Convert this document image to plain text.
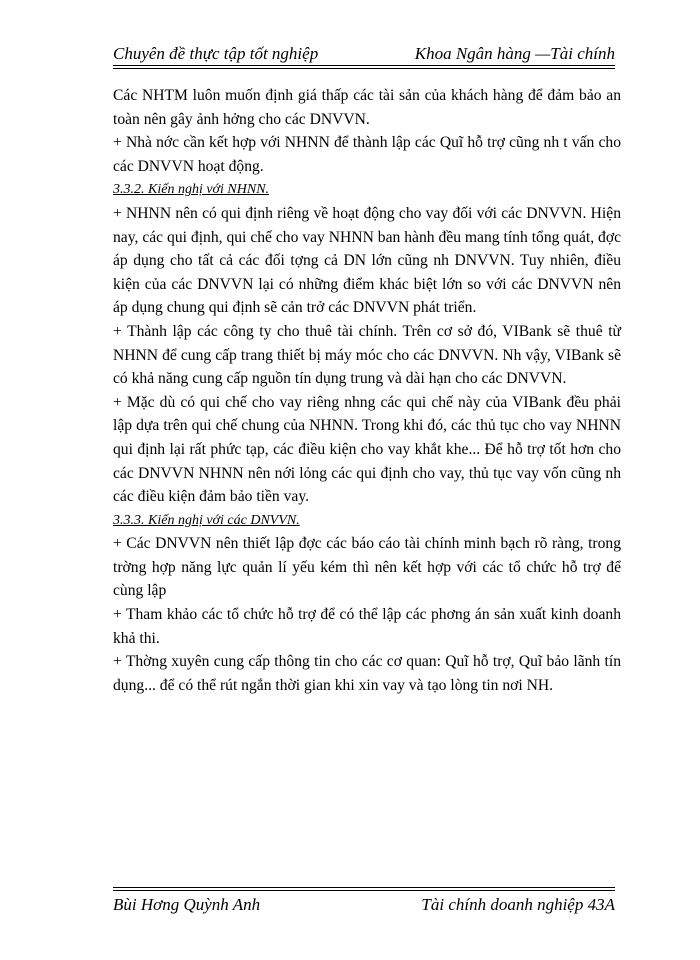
Chuyên đề thực tập tốt nghiệp	Khoa Ngân hàng —Tài chính

Các NHTM luôn muốn định giá thấp các tài sản của khách hàng để đảm bảo an toàn nên gây ảnh hởng cho các DNVVN.

+ Nhà nớc cần kết hợp với NHNN để thành lập các Quĩ hỗ trợ cũng nh t vấn cho các DNVVN hoạt động.

3.3.2. Kiến nghị với NHNN.

+ NHNN nên có qui định riêng về hoạt động cho vay đối với các DNVVN. Hiện nay, các qui định, qui chế cho vay NHNN ban hành đều mang tính tổng quát, đợc áp dụng cho tất cả các đối tợng cả DN lớn cũng nh DNVVN. Tuy nhiên, điều kiện của các DNVVN lại có những điểm khác biệt lớn so với các DNVVN nên áp dụng chung qui định sẽ cản trở các DNVVN phát triển.

+ Thành lập các công ty cho thuê tài chính. Trên cơ sở đó, VIBank sẽ thuê từ NHNN để cung cấp trang thiết bị máy móc cho các DNVVN. Nh vậy, VIBank sẽ có khả năng cung cấp nguồn tín dụng trung và dài hạn cho các DNVVN.

+ Mặc dù có qui chế cho vay riêng nhng các qui chế này của VIBank đều phải lập dựa trên qui chế chung của NHNN. Trong khi đó, các thủ tục cho vay NHNN qui định lại rất phức tạp, các điều kiện cho vay khắt khe... Để hỗ trợ tốt hơn cho các DNVVN NHNN nên nới lỏng các qui định cho vay, thủ tục vay vốn cũng nh các điều kiện đảm bảo tiền vay.

3.3.3. Kiến nghị với các DNVVN.

+ Các DNVVN nên thiết lập đợc các báo cáo tài chính minh bạch rõ ràng, trong trờng hợp năng lực quản lí yếu kém thì nên kết hợp với các tổ chức hỗ trợ để cùng lập

+ Tham khảo các tổ chức hỗ trợ để có thể lập các phơng án sản xuất kinh doanh khả thi.

+ Thờng xuyên cung cấp thông tin cho các cơ quan: Quĩ hỗ trợ, Quĩ bảo lãnh tín dụng... để có thể rút ngắn thời gian khi xin vay và tạo lòng tin nơi NH.

Bùi Hơng Quỳnh Anh	Tài chính doanh nghiệp 43A
